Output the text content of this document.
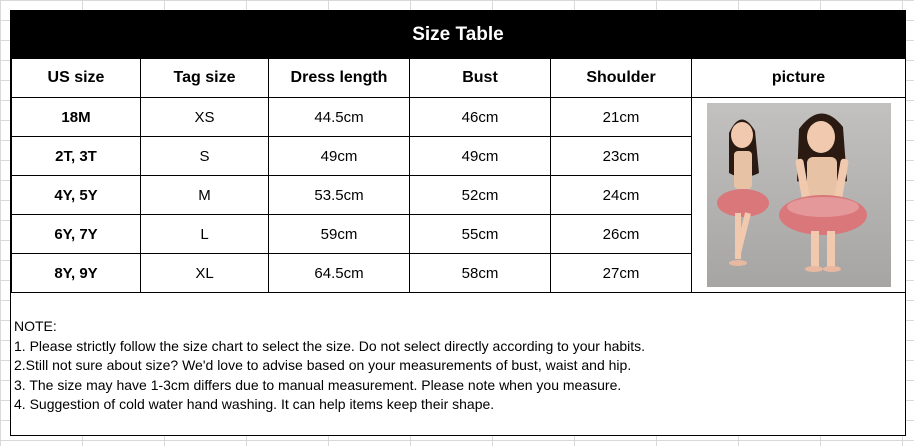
Size Table
US size	Tag size	Dress length	Bust	Shoulder	picture
18M	XS	44.5cm	46cm	21cm	

2T, 3T	S	49cm	49cm	23cm	
4Y, 5Y	M	53.5cm	52cm	24cm	
6Y, 7Y	L	59cm	55cm	26cm	
8Y, 9Y	XL	64.5cm	58cm	27cm	
NOTE:
1. Please strictly follow the size chart to select the size. Do not select directly according to your habits.
2.Still not sure about size? We'd love to advise based on your measurements of bust, waist and hip.
3. The size may have 1-3cm differs due to manual measurement. Please note when you measure.
4. Suggestion of cold water hand washing. It can help items keep their shape.
